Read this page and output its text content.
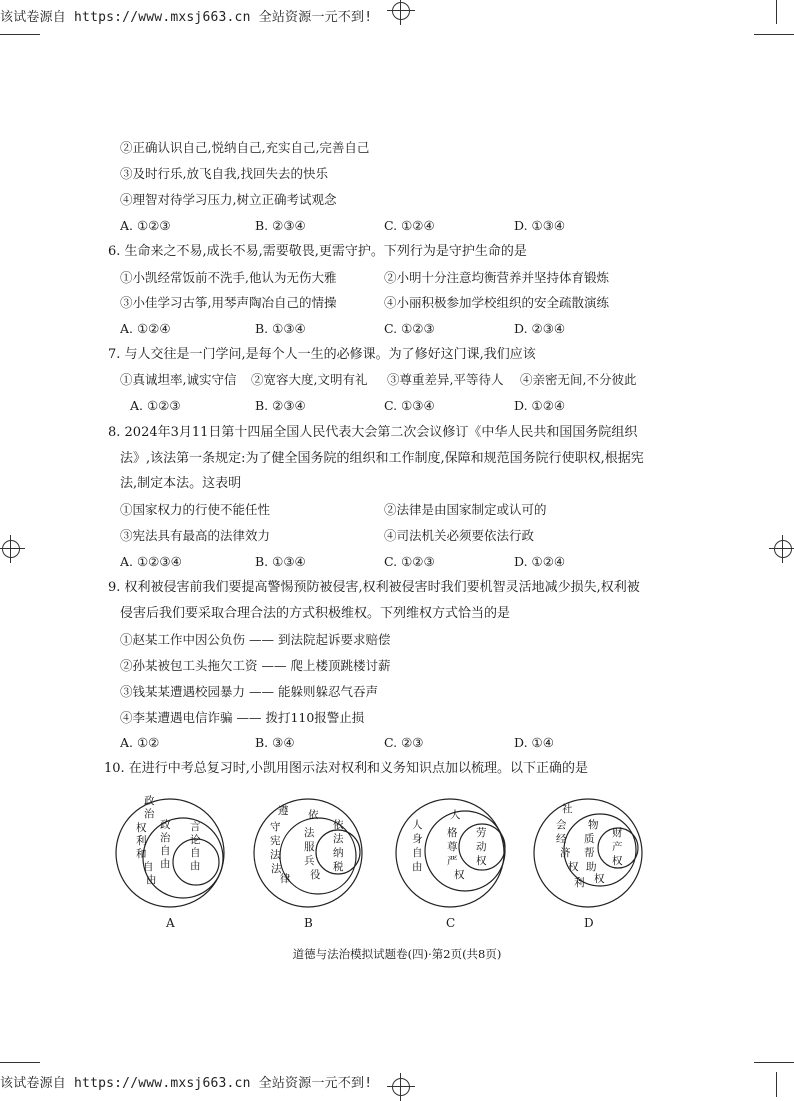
该试卷源自 https://www.mxsj663.cn 全站资源一元不到!
该试卷源自 https://www.mxsj663.cn 全站资源一元不到!
②正确认识自己,悦纳自己,充实自己,完善自己
③及时行乐,放飞自我,找回失去的快乐
④理智对待学习压力,树立正确考试观念
A. ①②③	B. ②③④	C. ①②④	D. ①③④
6. 生命来之不易,成长不易,需要敬畏,更需守护。下列行为是守护生命的是
①小凯经常饭前不洗手,他认为无伤大雅	②小明十分注意均衡营养并坚持体育锻炼
③小佳学习古筝,用琴声陶冶自己的情操	④小丽积极参加学校组织的安全疏散演练
A. ①②④	B. ①③④	C. ①②③	D. ②③④
7. 与人交往是一门学问,是每个人一生的必修课。为了修好这门课,我们应该
①真诚坦率,诚实守信 ②宽容大度,文明有礼 ③尊重差异,平等待人 ④亲密无间,不分彼此
A. ①②③	B. ②③④	C. ①③④	D. ①②④
8. 2024年3月11日第十四届全国人民代表大会第二次会议修订《中华人民共和国国务院组织
法》,该法第一条规定:为了健全国务院的组织和工作制度,保障和规范国务院行使职权,根据宪
法,制定本法。这表明
①国家权力的行使不能任性	②法律是由国家制定或认可的
③宪法具有最高的法律效力	④司法机关必须要依法行政
A. ①②③④	B. ①③④	C. ①②③	D. ①②④
9. 权利被侵害前我们要提高警惕预防被侵害,权利被侵害时我们要机智灵活地减少损失,权利被
侵害后我们要采取合理合法的方式积极维权。下列维权方式恰当的是
①赵某工作中因公负伤 —— 到法院起诉要求赔偿
②孙某被包工头拖欠工资 —— 爬上楼顶跳楼讨薪
③钱某某遭遇校园暴力 —— 能躲则躲忍气吞声
④李某遭遇电信诈骗 —— 拨打110报警止损
A. ①②	B. ③④	C. ②③	D. ①④
10. 在进行中考总复习时,小凯用图示法对权利和义务知识点加以梳理。以下正确的是
政治权利和自由
政治自由
言论自由
遵守宪法法律
依法服兵役
依法纳税
人身自由
人格尊严权
劳动权
社会经济权利
物质帮助权
财产权
A	B	C	D
道德与法治模拟试题卷(四)·第2页(共8页)
